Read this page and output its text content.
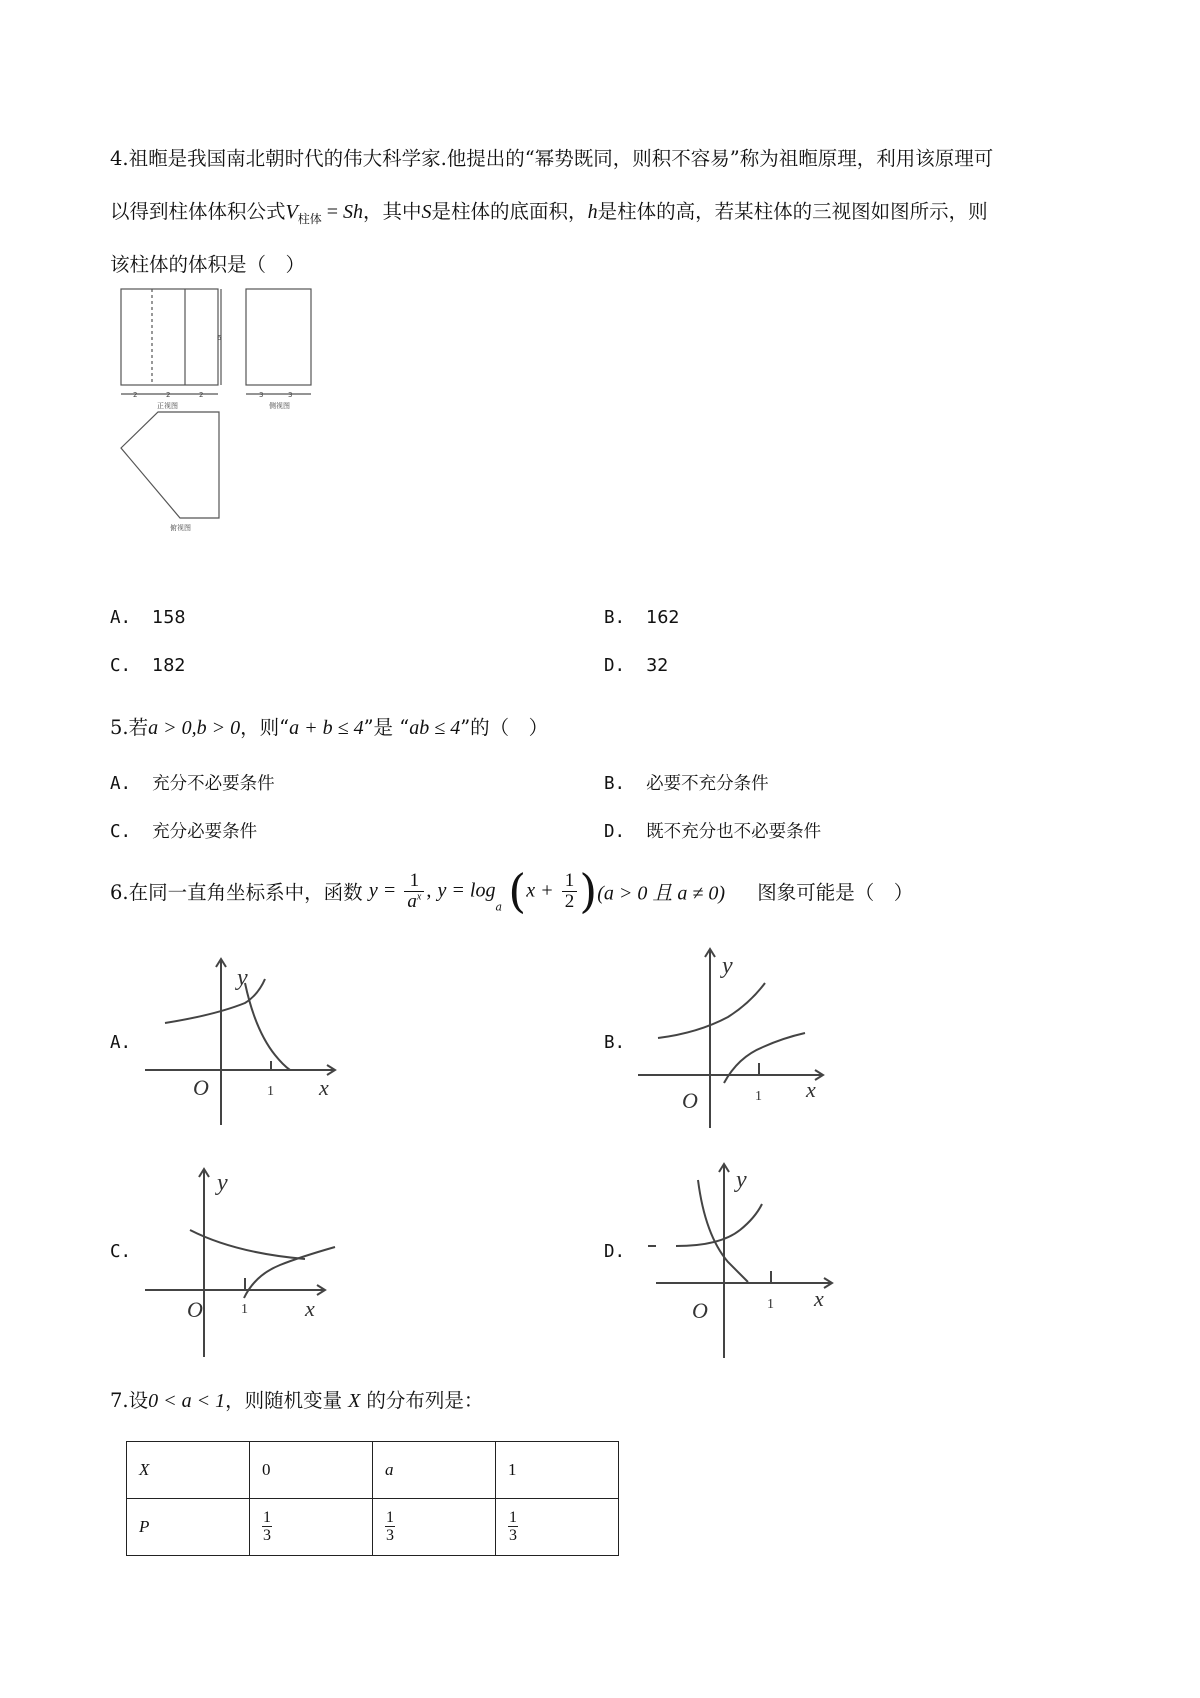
4.祖暅是我国南北朝时代的伟大科学家.他提出的“幂势既同，则积不容易”称为祖暅原理，利用该原理可
以得到柱体体积公式$V_{柱体} = Sh$，其中S是柱体的底面积，h是柱体的高，若某柱体的三视图如图所示，则
该柱体的体积是（　）
2	2	2	3	3
6
正视图	侧视图
俯视图
A. 158	B. 162
C. 182	D. 32
5.若a > 0,b > 0，则“a + b ≤ 4”是 “ab ≤ 4”的（　）
A. 充分不必要条件	B. 必要不充分条件
C. 充分必要条件	D. 既不充分也不必要条件
6.在同一直角坐标系中，函数 $y = \frac{1}{a^x}$ , $y = \log_a (x + \frac{1}{2} )(a > 0$ 且 a ≠ 0) 图象可能是（　）
A.
y
x
O	1
B.
y
x
O	1
C.
y
x
O	1
D.
y
x
O	1
7.设0 < a < 1，则随机变量 X 的分布列是：
X	0	a	1
P	$\frac{1}{3}$	$\frac{1}{3}$	$\frac{1}{3}$
